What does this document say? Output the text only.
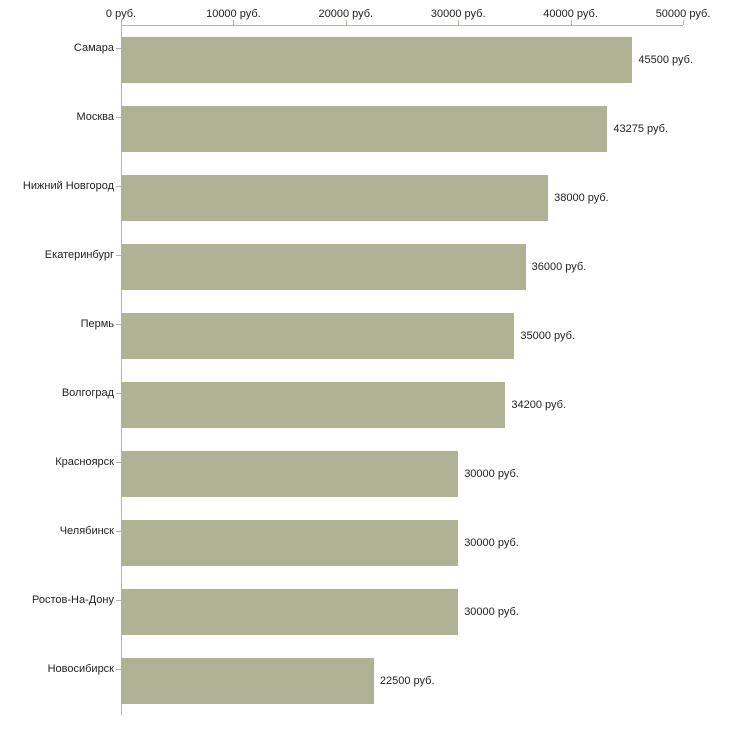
0 руб.	10000 руб.	20000 руб.	30000 руб.	40000 руб.	50000 руб.
Самара
45500 руб.
Москва
43275 руб.
Нижний Новгород
38000 руб.
Екатеринбург
36000 руб.
Пермь
35000 руб.
Волгоград
34200 руб.
Красноярск
30000 руб.
Челябинск
30000 руб.
Ростов-На-Дону
30000 руб.
Новосибирск
22500 руб.
